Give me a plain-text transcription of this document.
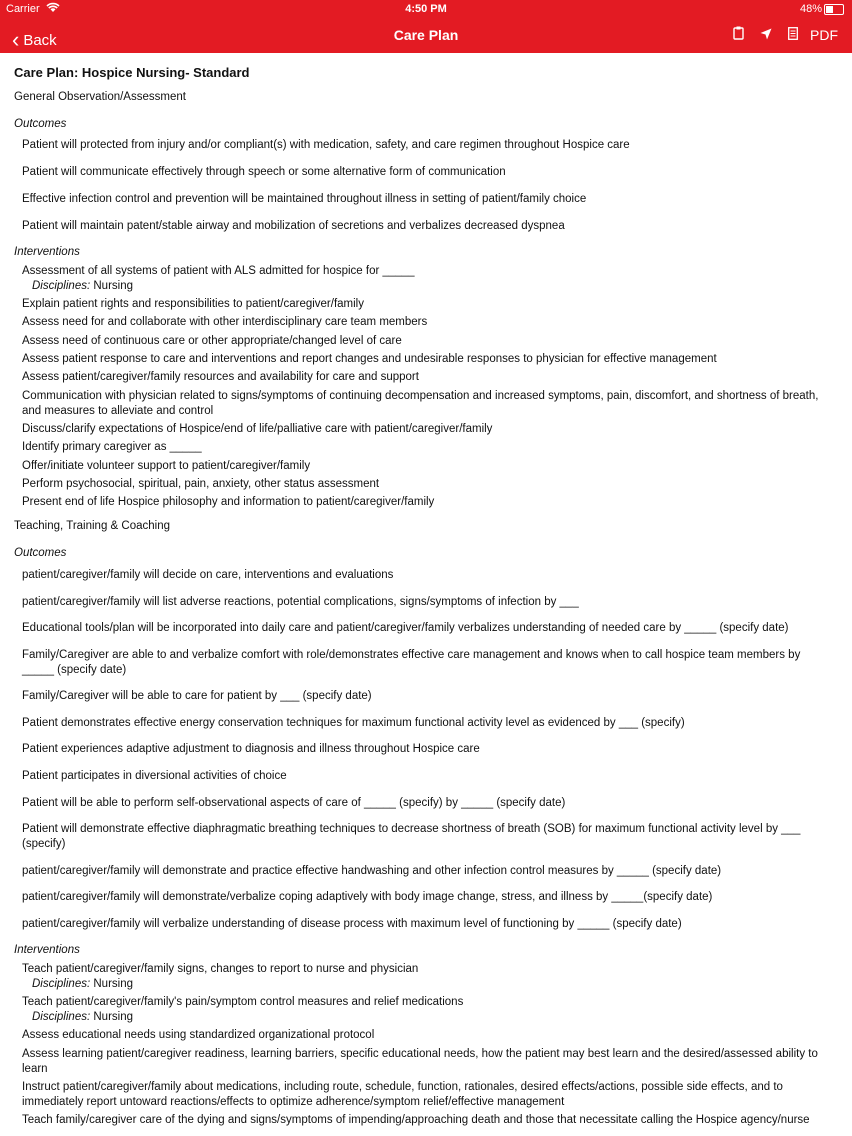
Carrier	4:50 PM	48%
‹ Back	Care Plan	PDF
Care Plan: Hospice Nursing- Standard
General Observation/Assessment
Outcomes
Patient will protected from injury and/or compliant(s) with medication, safety, and care regimen throughout Hospice care
Patient will communicate effectively through speech or some alternative form of communication
Effective infection control and prevention will be maintained throughout illness in setting of patient/family choice
Patient will maintain patent/stable airway and mobilization of secretions and verbalizes decreased dyspnea
Interventions
Assessment of all systems of patient with ALS admitted for hospice for _____
Disciplines: Nursing
Explain patient rights and responsibilities to patient/caregiver/family
Assess need for and collaborate with other interdisciplinary care team members
Assess need of continuous care or other appropriate/changed level of care
Assess patient response to care and interventions and report changes and undesirable responses to physician for effective management
Assess patient/caregiver/family resources and availability for care and support
Communication with physician related to signs/symptoms of continuing decompensation and increased symptoms, pain, discomfort, and shortness of breath, and measures to alleviate and control
Discuss/clarify expectations of Hospice/end of life/palliative care with patient/caregiver/family
Identify primary caregiver as _____
Offer/initiate volunteer support to patient/caregiver/family
Perform psychosocial, spiritual, pain, anxiety, other status assessment
Present end of life Hospice philosophy and information to patient/caregiver/family
Teaching, Training & Coaching
Outcomes
patient/caregiver/family will decide on care, interventions and evaluations
patient/caregiver/family will list adverse reactions, potential complications, signs/symptoms of infection by ___
Educational tools/plan will be incorporated into daily care and patient/caregiver/family verbalizes understanding of needed care by _____ (specify date)
Family/Caregiver are able to and verbalize comfort with role/demonstrates effective care management and knows when to call hospice team members by _____ (specify date)
Family/Caregiver will be able to care for patient by ___ (specify date)
Patient demonstrates effective energy conservation techniques for maximum functional activity level as evidenced by ___ (specify)
Patient experiences adaptive adjustment to diagnosis and illness throughout Hospice care
Patient participates in diversional activities of choice
Patient will be able to perform self-observational aspects of care of _____ (specify) by _____ (specify date)
Patient will demonstrate effective diaphragmatic breathing techniques to decrease shortness of breath (SOB) for maximum functional activity level by ___ (specify)
patient/caregiver/family will demonstrate and practice effective handwashing and other infection control measures by _____ (specify date)
patient/caregiver/family will demonstrate/verbalize coping adaptively with body image change, stress, and illness by _____(specify date)
patient/caregiver/family will verbalize understanding of disease process with maximum level of functioning by _____ (specify date)
Interventions
Teach patient/caregiver/family signs, changes to report to nurse and physician
Disciplines: Nursing
Teach patient/caregiver/family's pain/symptom control measures and relief medications
Disciplines: Nursing
Assess educational needs using standardized organizational protocol
Assess learning patient/caregiver readiness, learning barriers, specific educational needs, how the patient may best learn and the desired/assessed ability to learn
Instruct patient/caregiver/family about medications, including route, schedule, function, rationales, desired effects/actions, possible side effects, and to immediately report untoward reactions/effects to optimize adherence/symptom relief/effective management
Teach family/caregiver care of the dying and signs/symptoms of impending/approaching death and those that necessitate calling the Hospice agency/nurse
